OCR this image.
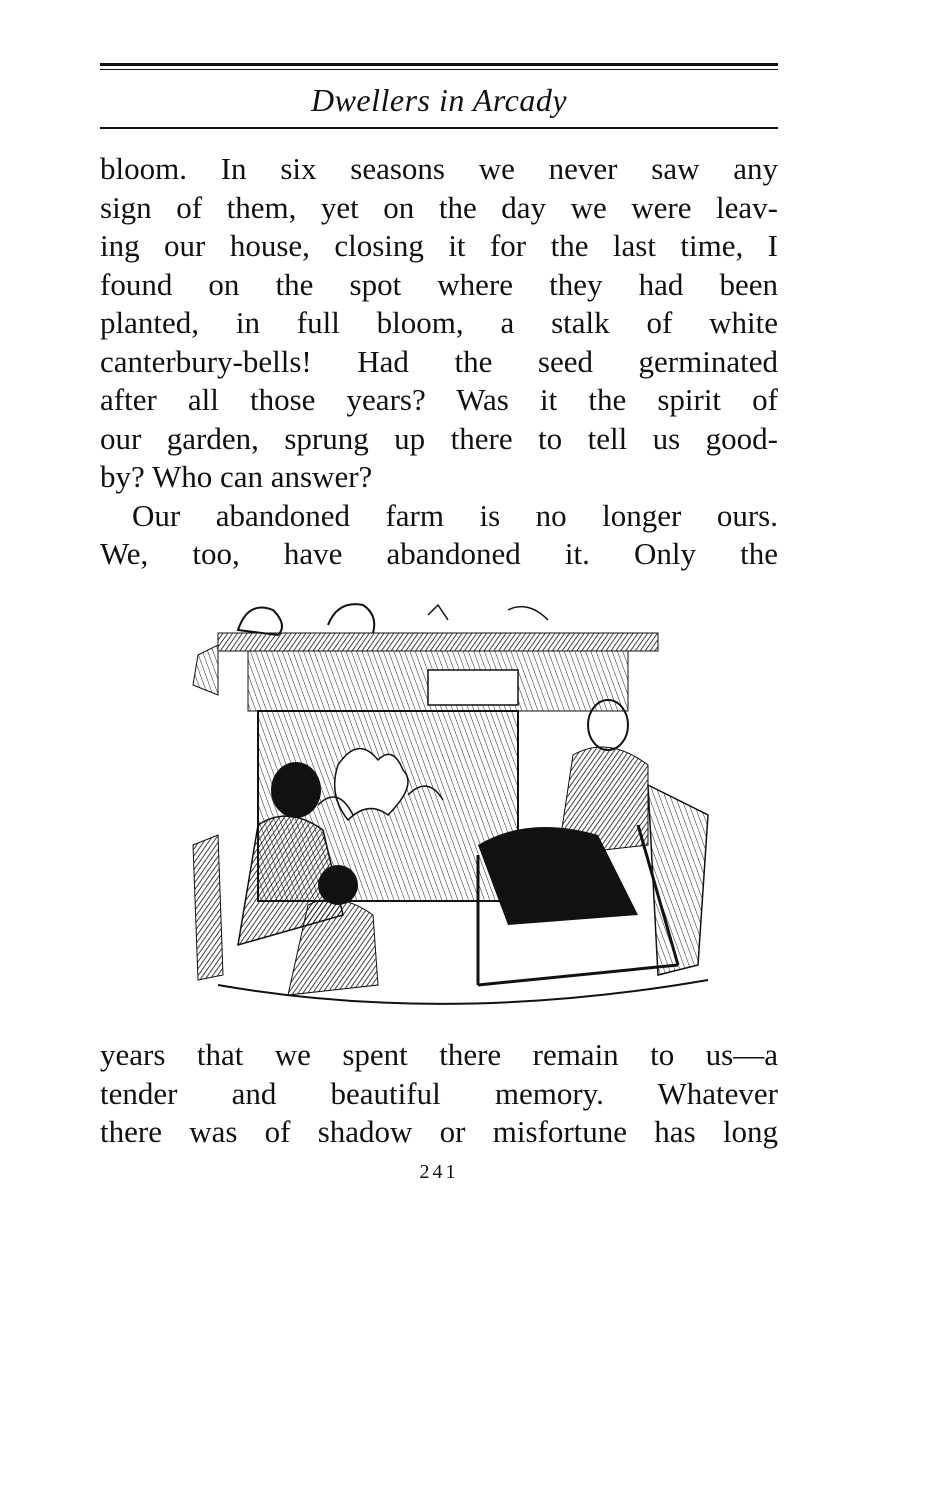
Dwellers in Arcady
bloom. In six seasons we never saw any
sign of them, yet on the day we were leav-
ing our house, closing it for the last time, I
found on the spot where they had been
planted, in full bloom, a stalk of white
canterbury-bells! Had the seed germinated
after all those years? Was it the spirit of
our garden, sprung up there to tell us good-
by? Who can answer?
Our abandoned farm is no longer ours.
We, too, have abandoned it. Only the
years that we spent there remain to us—a
tender and beautiful memory. Whatever
there was of shadow or misfortune has long
241
